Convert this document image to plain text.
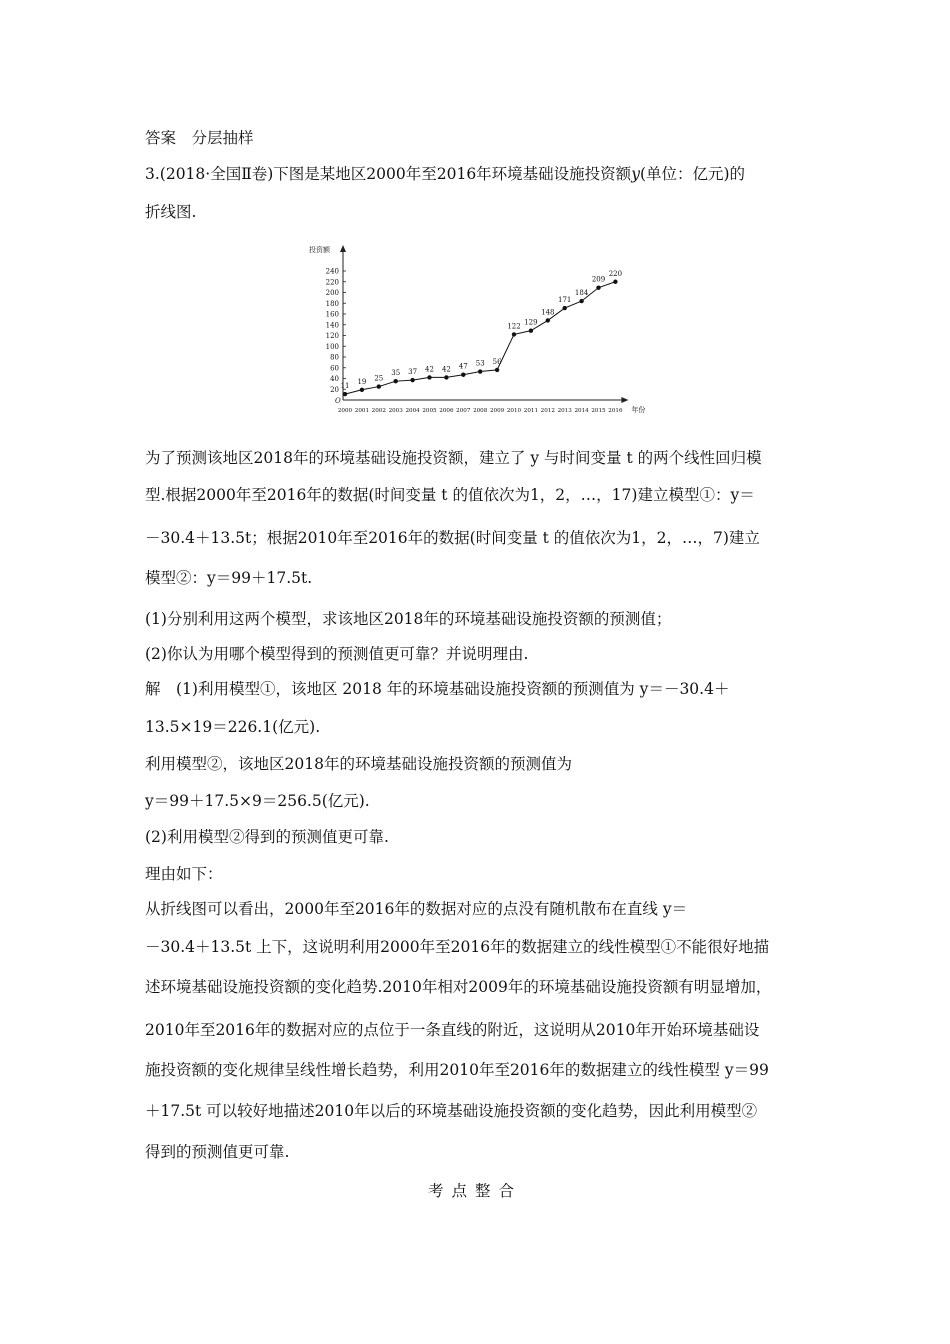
答案　分层抽样
3.(2018·全国Ⅱ卷)下图是某地区2000年至2016年环境基础设施投资额y(单位：亿元)的
折线图.
投资额
年份
O
20
40
60
80
100
120
140
160
180
200
220
240
2000 2001 2002 2003 2004 2005 2006 2007 2008 2009 2010 2011 2012 2013 2014 2015 2016
11
19 25
35 37 42 42 47 53 56
122 129
148
171
184
209
220
为了预测该地区2018年的环境基础设施投资额，建立了 y 与时间变量 t 的两个线性回归模
型.根据2000年至2016年的数据(时间变量 t 的值依次为1，2，…，17)建立模型①：y＝
－30.4＋13.5t；根据2010年至2016年的数据(时间变量 t 的值依次为1，2，…，7)建立
模型②：y＝99＋17.5t.
(1)分别利用这两个模型，求该地区2018年的环境基础设施投资额的预测值；
(2)你认为用哪个模型得到的预测值更可靠？并说明理由.
解　(1)利用模型①，该地区 2018 年的环境基础设施投资额的预测值为 y＝－30.4＋
13.5×19＝226.1(亿元).
利用模型②，该地区2018年的环境基础设施投资额的预测值为
y＝99＋17.5×9＝256.5(亿元).
(2)利用模型②得到的预测值更可靠.
理由如下：
从折线图可以看出，2000年至2016年的数据对应的点没有随机散布在直线 y＝
－30.4＋13.5t 上下，这说明利用2000年至2016年的数据建立的线性模型①不能很好地描
述环境基础设施投资额的变化趋势.2010年相对2009年的环境基础设施投资额有明显增加，
2010年至2016年的数据对应的点位于一条直线的附近，这说明从2010年开始环境基础设
施投资额的变化规律呈线性增长趋势，利用2010年至2016年的数据建立的线性模型 y＝99
＋17.5t 可以较好地描述2010年以后的环境基础设施投资额的变化趋势，因此利用模型②
得到的预测值更可靠.
考点整合
